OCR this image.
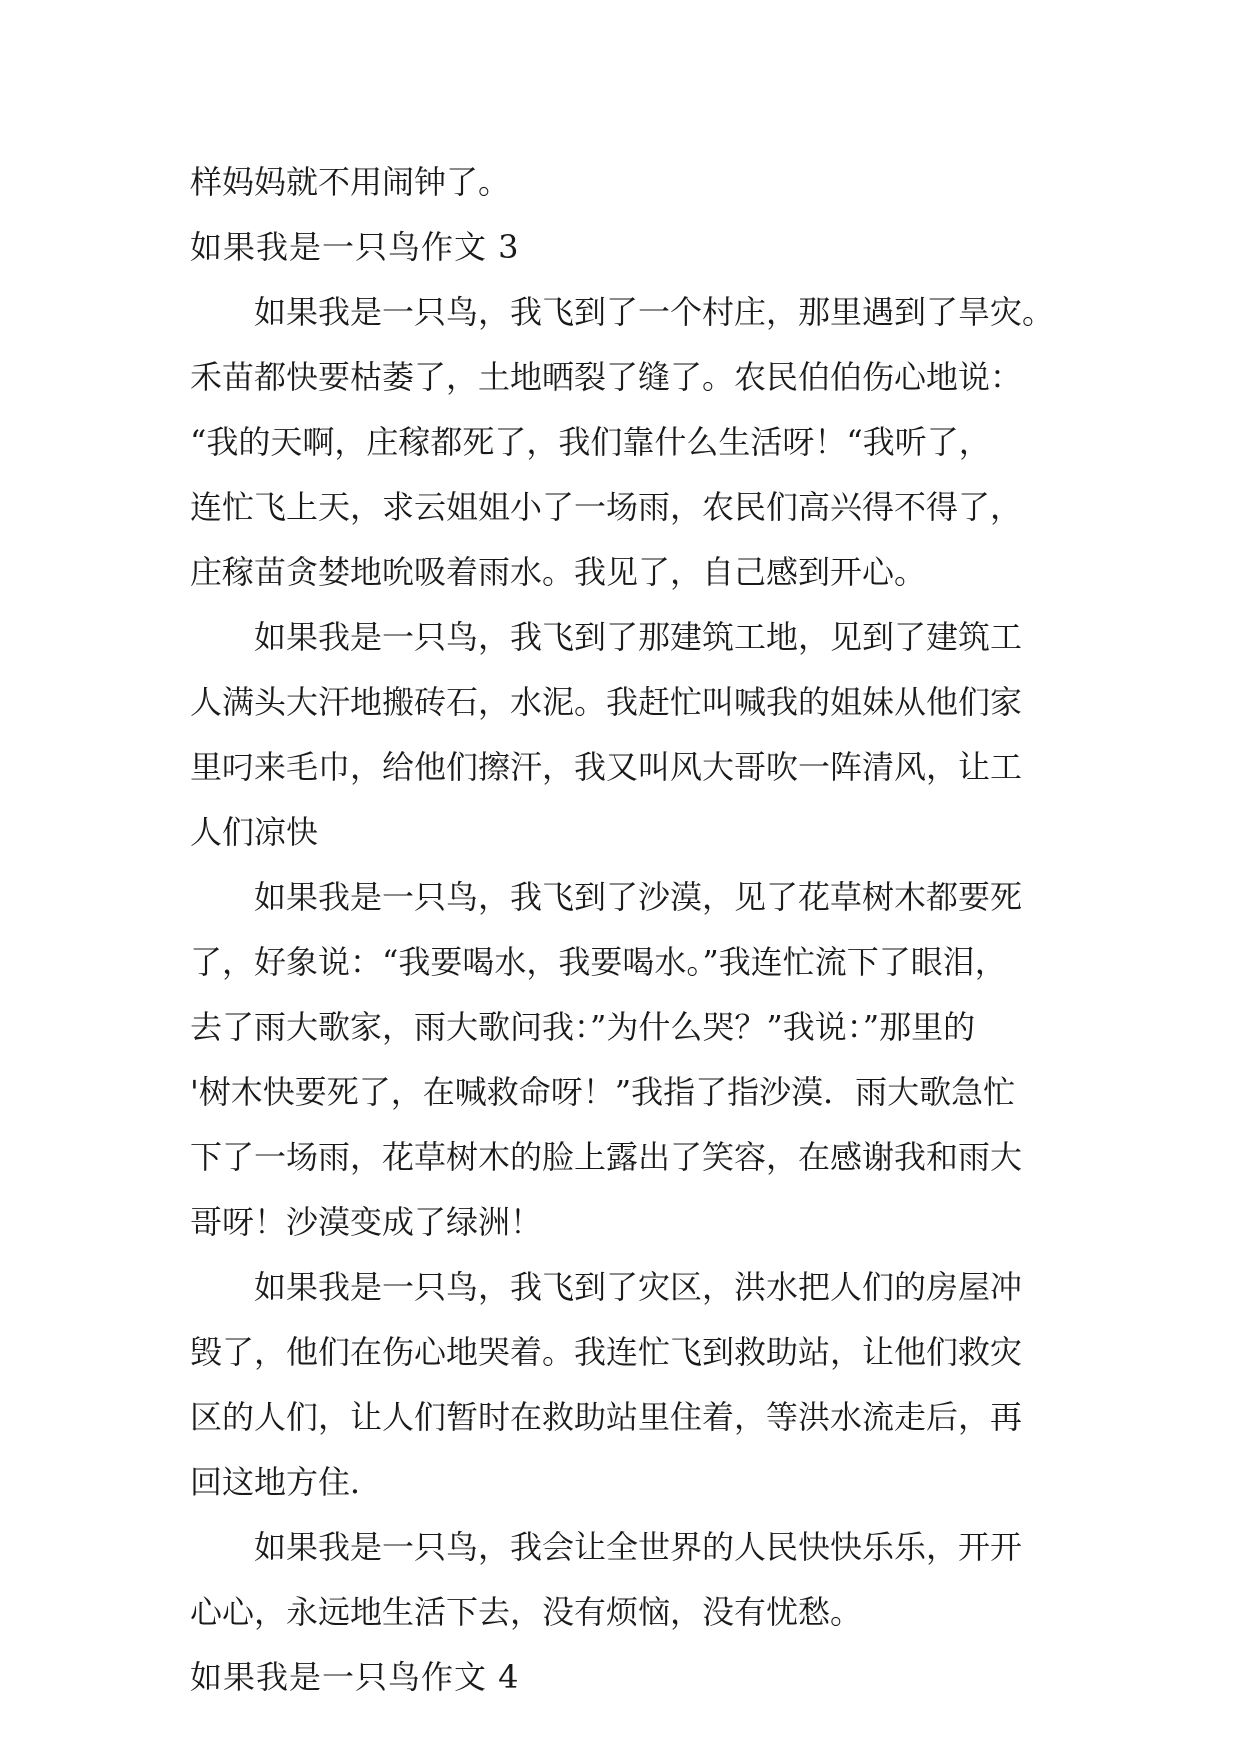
样妈妈就不用闹钟了。
如果我是一只鸟作文 3
如果我是一只鸟，我飞到了一个村庄，那里遇到了旱灾。
禾苗都快要枯萎了，土地晒裂了缝了。农民伯伯伤心地说：
“我的天啊，庄稼都死了，我们靠什么生活呀！“我听了，
连忙飞上天，求云姐姐小了一场雨，农民们高兴得不得了，
庄稼苗贪婪地吮吸着雨水。我见了，自己感到开心。
如果我是一只鸟，我飞到了那建筑工地，见到了建筑工
人满头大汗地搬砖石，水泥。我赶忙叫喊我的姐妹从他们家
里叼来毛巾，给他们擦汗，我又叫风大哥吹一阵清风，让工
人们凉快
如果我是一只鸟，我飞到了沙漠，见了花草树木都要死
了，好象说：“我要喝水，我要喝水。”我连忙流下了眼泪，
去了雨大歌家，雨大歌问我：”为什么哭？”我说：”那里的
'树木快要死了，在喊救命呀！”我指了指沙漠．雨大歌急忙
下了一场雨，花草树木的脸上露出了笑容，在感谢我和雨大
哥呀！沙漠变成了绿洲！
如果我是一只鸟，我飞到了灾区，洪水把人们的房屋冲
毁了，他们在伤心地哭着。我连忙飞到救助站，让他们救灾
区的人们，让人们暂时在救助站里住着，等洪水流走后，再
回这地方住．
如果我是一只鸟，我会让全世界的人民快快乐乐，开开
心心，永远地生活下去，没有烦恼，没有忧愁。
如果我是一只鸟作文 4
